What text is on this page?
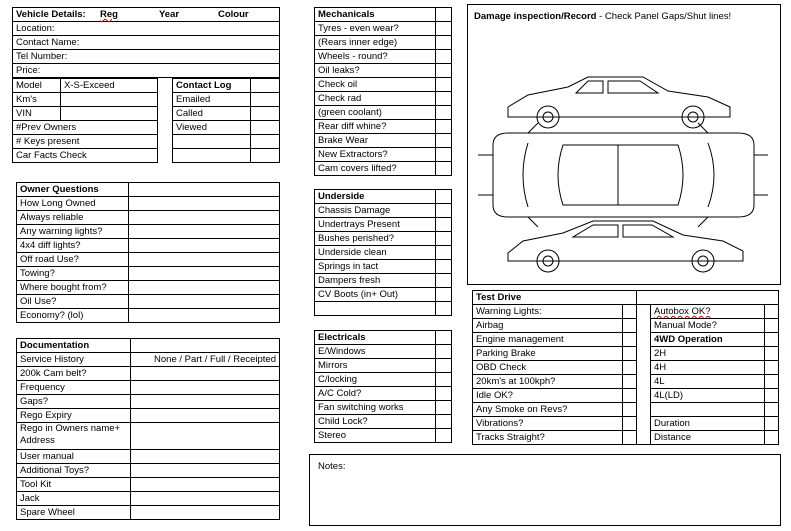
Vehicle Details: Reg	Year	Colour

Location:
Contact Name:
Tel Number:
Price:
Model	X-S-Exceed
Km's	
VIN	
#Prev Owners	
# Keys present	
Car Facts Check	
Contact Log	
Emailed	
Called	
Viewed	

Owner Questions	
How Long Owned	
Always reliable	
Any warning lights?	
4x4 diff lights?	
Off road Use?	
Towing?	
Where bought from?	
Oil Use?	
Economy? (lol)	
Documentation	
Service History	None / Part / Full / Receipted
200k Cam belt?	
Frequency	
Gaps?	
Rego Expiry	
Rego in Owners name+ Address	
User manual	
Additional Toys?	
Tool Kit	
Jack	
Spare Wheel	
Mechanicals	
Tyres - even wear?	
(Rears inner edge)	
Wheels - round?	
Oil leaks?	
Check oil	
Check rad	
(green coolant)	
Rear diff whine?	
Brake Wear	
New Extractors?	
Cam covers lifted?	
Underside	
Chassis Damage	
Undertrays Present	
Bushes perished?	
Underside clean	
Springs in tact	
Dampers fresh	
CV Boots (in+ Out)	

Electricals	
E/Windows	
Mirrors	
C/locking	
A/C Cold?	
Fan switching works	
Child Lock?	
Stereo	
Damage inspection/Record - Check Panel Gaps/Shut lines!
Test Drive				
Warning Lights:			Autobox OK?	
Airbag			Manual Mode?	
Engine management			4WD Operation	
Parking Brake			2H	
OBD Check			4H	
20km's at 100kph?			4L	
Idle OK?			4L(LD)	
Any Smoke on Revs?				
Vibrations?			Duration	
Tracks Straight?			Distance	
Notes:
